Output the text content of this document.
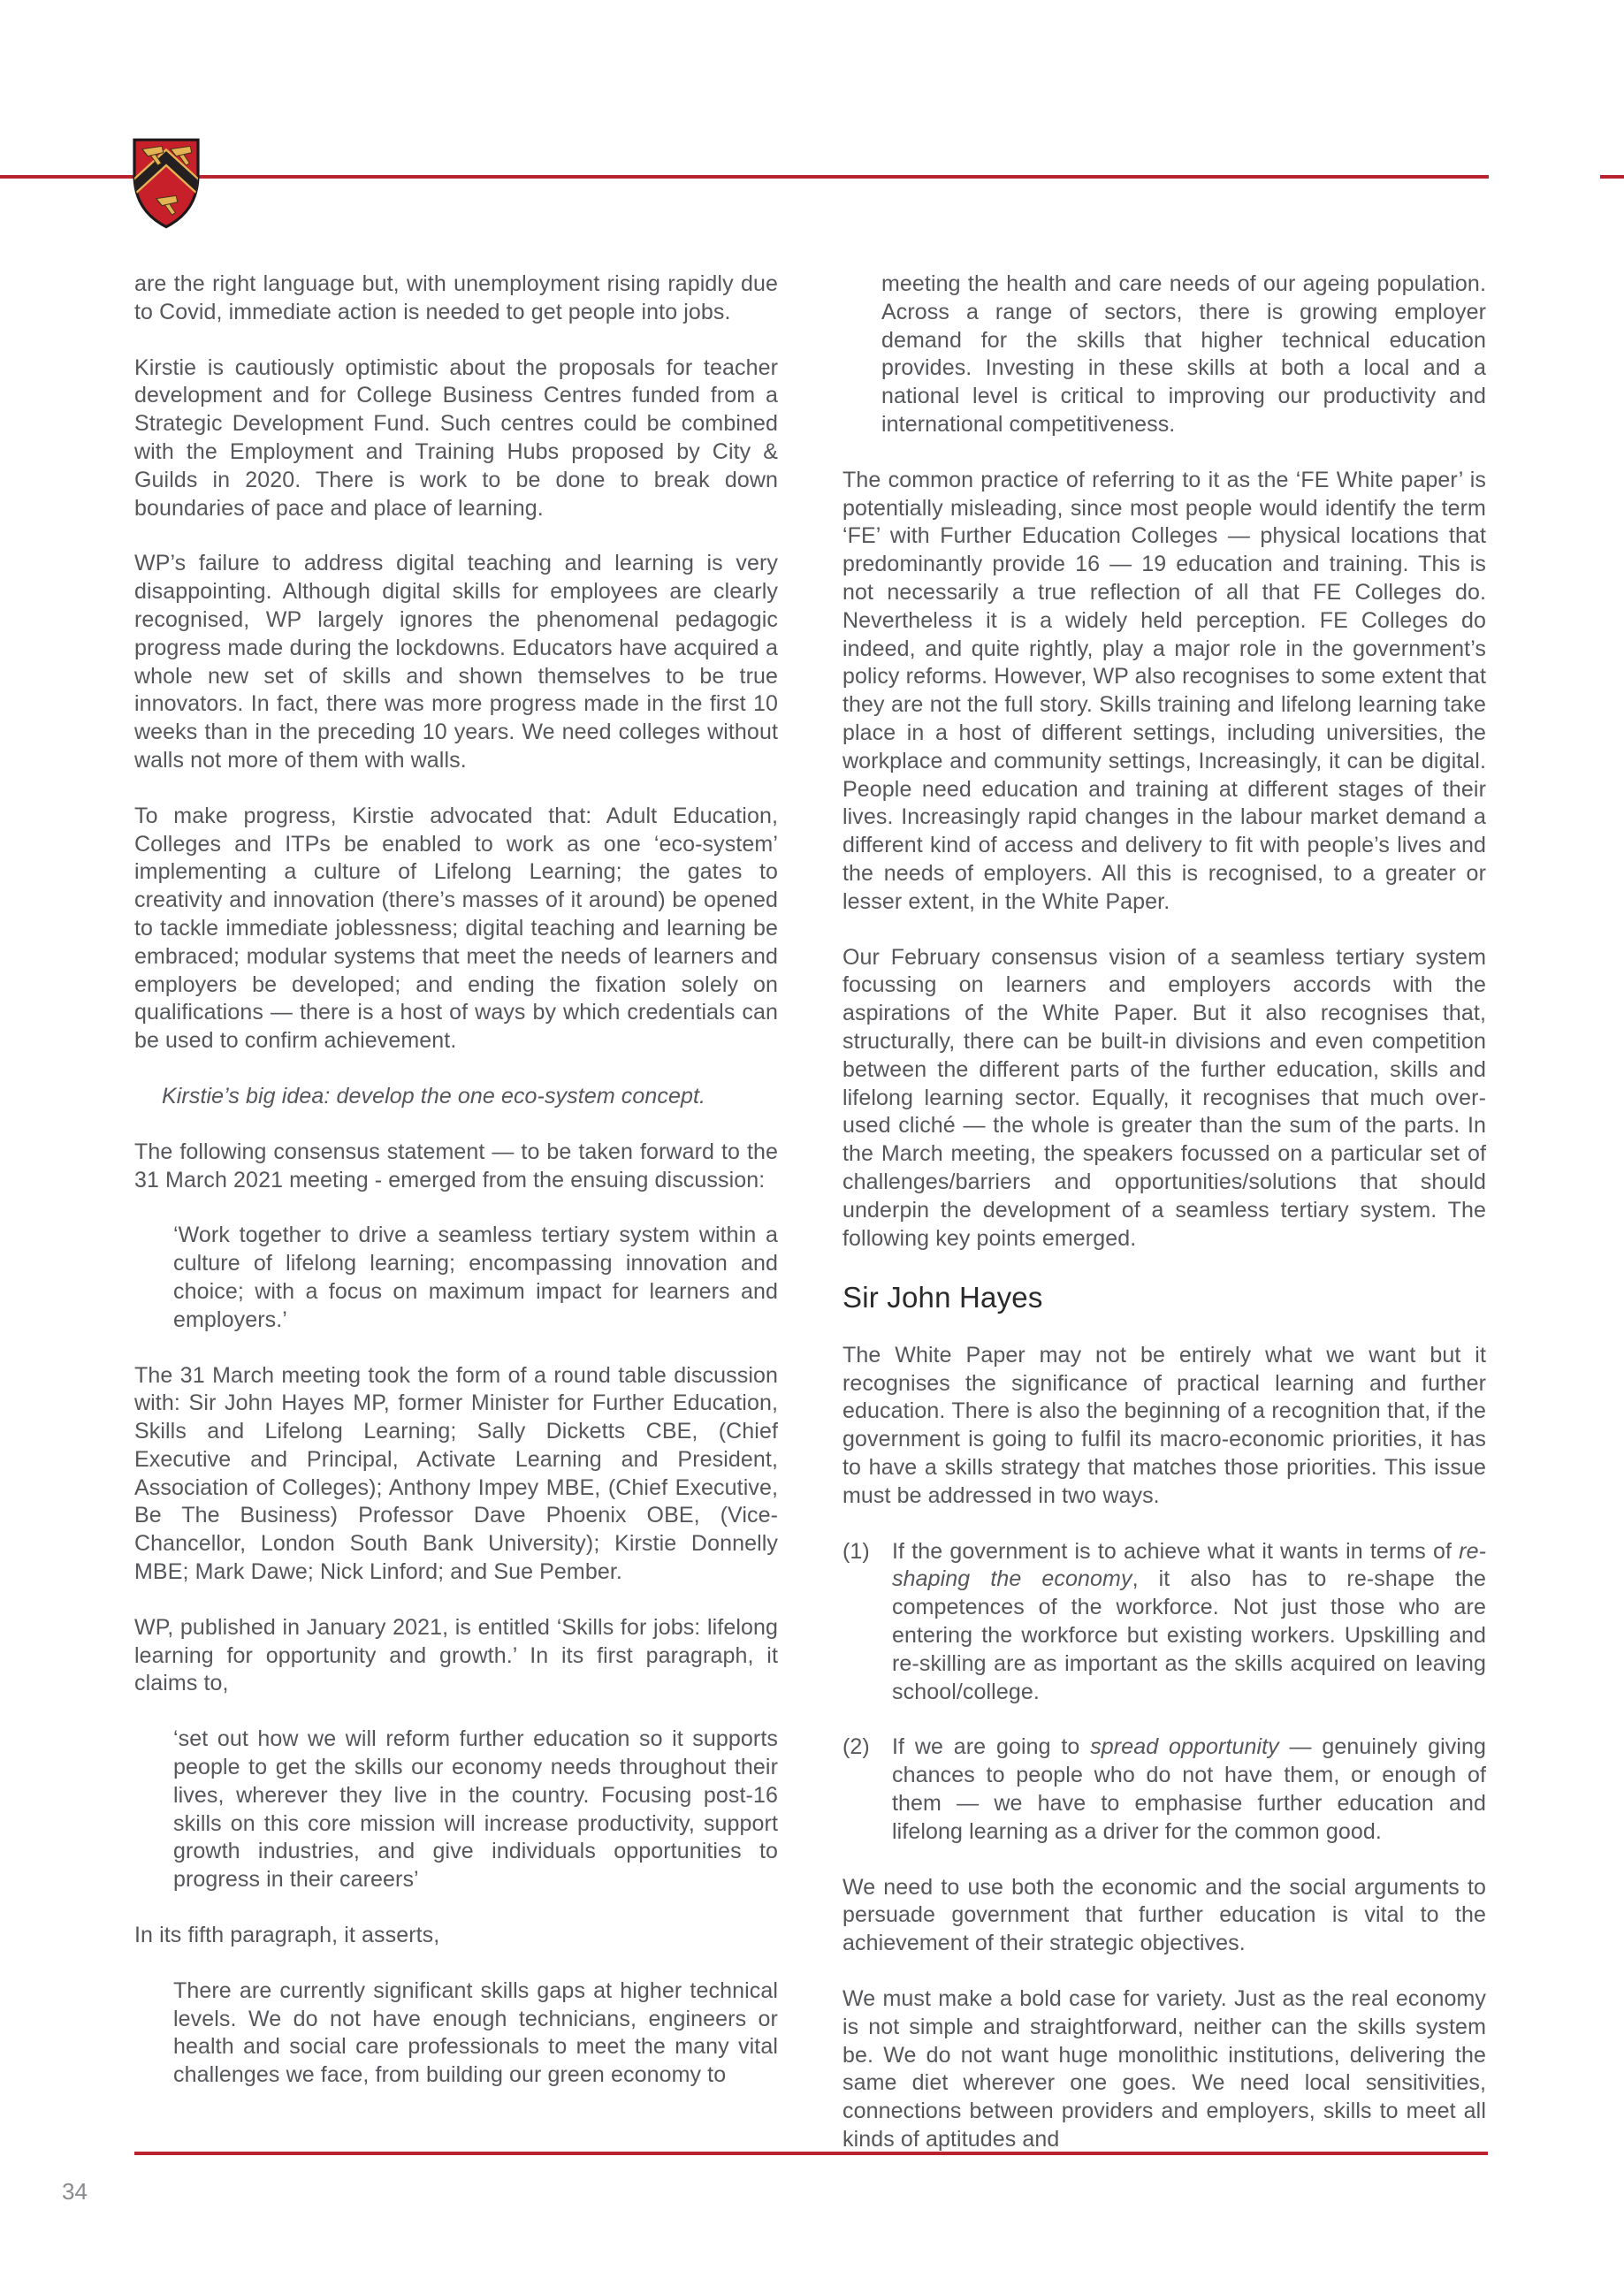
are the right language but, with unemployment rising rapidly due to Covid, immediate action is needed to get people into jobs.

Kirstie is cautiously optimistic about the proposals for teacher development and for College Business Centres funded from a Strategic Development Fund. Such centres could be combined with the Employment and Training Hubs proposed by City & Guilds in 2020. There is work to be done to break down boundaries of pace and place of learning.

WP’s failure to address digital teaching and learning is very disappointing. Although digital skills for employees are clearly recognised, WP largely ignores the phenomenal pedagogic progress made during the lockdowns. Educators have acquired a whole new set of skills and shown themselves to be true innovators. In fact, there was more progress made in the first 10 weeks than in the preceding 10 years. We need colleges without walls not more of them with walls.

To make progress, Kirstie advocated that: Adult Education, Colleges and ITPs be enabled to work as one ‘eco-system’ implementing a culture of Lifelong Learning; the gates to creativity and innovation (there’s masses of it around) be opened to tackle immediate joblessness; digital teaching and learning be embraced; modular systems that meet the needs of learners and employers be developed; and ending the fixation solely on qualifications — there is a host of ways by which credentials can be used to confirm achievement.

Kirstie’s big idea: develop the one eco-system concept.

The following consensus statement — to be taken forward to the 31 March 2021 meeting - emerged from the ensuing discussion:

‘Work together to drive a seamless tertiary system within a culture of lifelong learning; encompassing innovation and choice; with a focus on maximum impact for learners and employers.’

The 31 March meeting took the form of a round table discussion with: Sir John Hayes MP, former Minister for Further Education, Skills and Lifelong Learning; Sally Dicketts CBE, (Chief Executive and Principal, Activate Learning and President, Association of Colleges); Anthony Impey MBE, (Chief Executive, Be The Business) Professor Dave Phoenix OBE, (Vice-Chancellor, London South Bank University); Kirstie Donnelly MBE; Mark Dawe; Nick Linford; and Sue Pember.

WP, published in January 2021, is entitled ‘Skills for jobs: lifelong learning for opportunity and growth.’ In its first paragraph, it claims to,

‘set out how we will reform further education so it supports people to get the skills our economy needs throughout their lives, wherever they live in the country. Focusing post-16 skills on this core mission will increase productivity, support growth industries, and give individuals opportunities to progress in their careers’

In its fifth paragraph, it asserts,

There are currently significant skills gaps at higher technical levels. We do not have enough technicians, engineers or health and social care professionals to meet the many vital challenges we face, from building our green economy to

meeting the health and care needs of our ageing population. Across a range of sectors, there is growing employer demand for the skills that higher technical education provides. Investing in these skills at both a local and a national level is critical to improving our productivity and international competitiveness.

The common practice of referring to it as the ‘FE White paper’ is potentially misleading, since most people would identify the term ‘FE’ with Further Education Colleges — physical locations that predominantly provide 16 — 19 education and training. This is not necessarily a true reflection of all that FE Colleges do. Nevertheless it is a widely held perception. FE Colleges do indeed, and quite rightly, play a major role in the government’s policy reforms. However, WP also recognises to some extent that they are not the full story. Skills training and lifelong learning take place in a host of different settings, including universities, the workplace and community settings, Increasingly, it can be digital. People need education and training at different stages of their lives. Increasingly rapid changes in the labour market demand a different kind of access and delivery to fit with people’s lives and the needs of employers. All this is recognised, to a greater or lesser extent, in the White Paper.

Our February consensus vision of a seamless tertiary system focussing on learners and employers accords with the aspirations of the White Paper. But it also recognises that, structurally, there can be built-in divisions and even competition between the different parts of the further education, skills and lifelong learning sector. Equally, it recognises that much over-used cliché — the whole is greater than the sum of the parts. In the March meeting, the speakers focussed on a particular set of challenges/barriers and opportunities/solutions that should underpin the development of a seamless tertiary system. The following key points emerged.

Sir John Hayes

The White Paper may not be entirely what we want but it recognises the significance of practical learning and further education. There is also the beginning of a recognition that, if the government is going to fulfil its macro-economic priorities, it has to have a skills strategy that matches those priorities. This issue must be addressed in two ways.

(1) If the government is to achieve what it wants in terms of re-shaping the economy, it also has to re-shape the competences of the workforce. Not just those who are entering the workforce but existing workers. Upskilling and re-skilling are as important as the skills acquired on leaving school/college.

(2) If we are going to spread opportunity — genuinely giving chances to people who do not have them, or enough of them — we have to emphasise further education and lifelong learning as a driver for the common good.

We need to use both the economic and the social arguments to persuade government that further education is vital to the achievement of their strategic objectives.

We must make a bold case for variety. Just as the real economy is not simple and straightforward, neither can the skills system be. We do not want huge monolithic institutions, delivering the same diet wherever one goes. We need local sensitivities, connections between providers and employers, skills to meet all kinds of aptitudes and

34
